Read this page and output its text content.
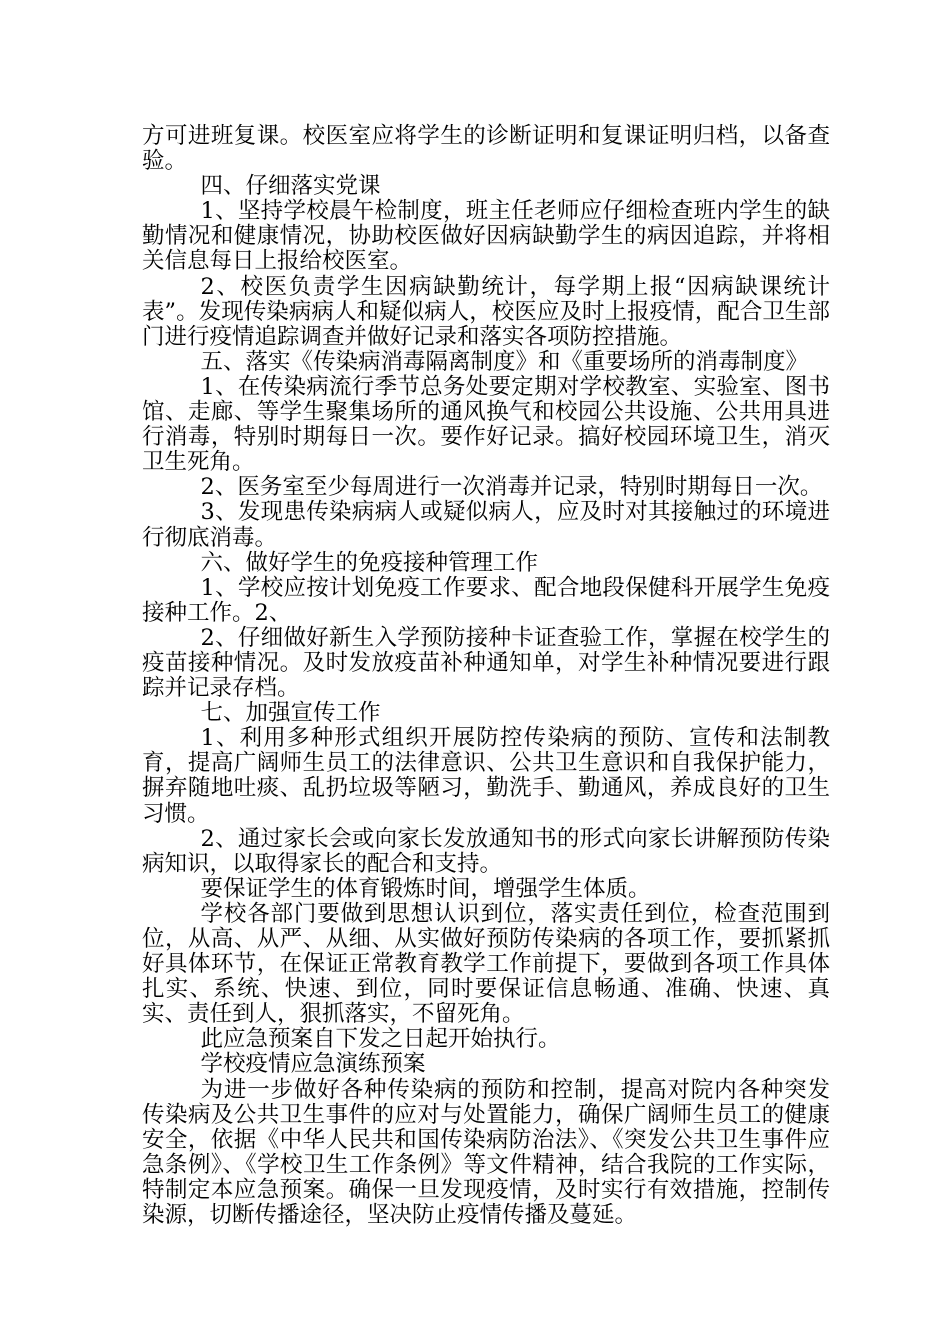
方可进班复课。校医室应将学生的诊断证明和复课证明归档，以备查验。

四、仔细落实党课

1、坚持学校晨午检制度，班主任老师应仔细检查班内学生的缺勤情况和健康情况，协助校医做好因病缺勤学生的病因追踪，并将相关信息每日上报给校医室。

2、校医负责学生因病缺勤统计，每学期上报“因病缺课统计表”。发现传染病病人和疑似病人，校医应及时上报疫情，配合卫生部门进行疫情追踪调查并做好记录和落实各项防控措施。

五、落实《传染病消毒隔离制度》和《重要场所的消毒制度》

1、在传染病流行季节总务处要定期对学校教室、实验室、图书馆、走廊、等学生聚集场所的通风换气和校园公共设施、公共用具进行消毒，特别时期每日一次。要作好记录。搞好校园环境卫生，消灭卫生死角。

2、医务室至少每周进行一次消毒并记录，特别时期每日一次。

3、发现患传染病病人或疑似病人，应及时对其接触过的环境进行彻底消毒。

六、做好学生的免疫接种管理工作

1、学校应按计划免疫工作要求、配合地段保健科开展学生免疫接种工作。2、

2、仔细做好新生入学预防接种卡证查验工作，掌握在校学生的疫苗接种情况。及时发放疫苗补种通知单，对学生补种情况要进行跟踪并记录存档。

七、加强宣传工作

1、利用多种形式组织开展防控传染病的预防、宣传和法制教育，提高广阔师生员工的法律意识、公共卫生意识和自我保护能力，摒弃随地吐痰、乱扔垃圾等陋习，勤洗手、勤通风，养成良好的卫生习惯。

2、通过家长会或向家长发放通知书的形式向家长讲解预防传染病知识，以取得家长的配合和支持。

要保证学生的体育锻炼时间，增强学生体质。

学校各部门要做到思想认识到位，落实责任到位，检查范围到位，从高、从严、从细、从实做好预防传染病的各项工作，要抓紧抓好具体环节，在保证正常教育教学工作前提下，要做到各项工作具体扎实、系统、快速、到位，同时要保证信息畅通、准确、快速、真实、责任到人，狠抓落实，不留死角。

此应急预案自下发之日起开始执行。

学校疫情应急演练预案

为进一步做好各种传染病的预防和控制，提高对院内各种突发传染病及公共卫生事件的应对与处置能力，确保广阔师生员工的健康安全，依据《中华人民共和国传染病防治法》、《突发公共卫生事件应急条例》、《学校卫生工作条例》等文件精神，结合我院的工作实际，特制定本应急预案。确保一旦发现疫情，及时实行有效措施，控制传染源，切断传播途径，坚决防止疫情传播及蔓延。
